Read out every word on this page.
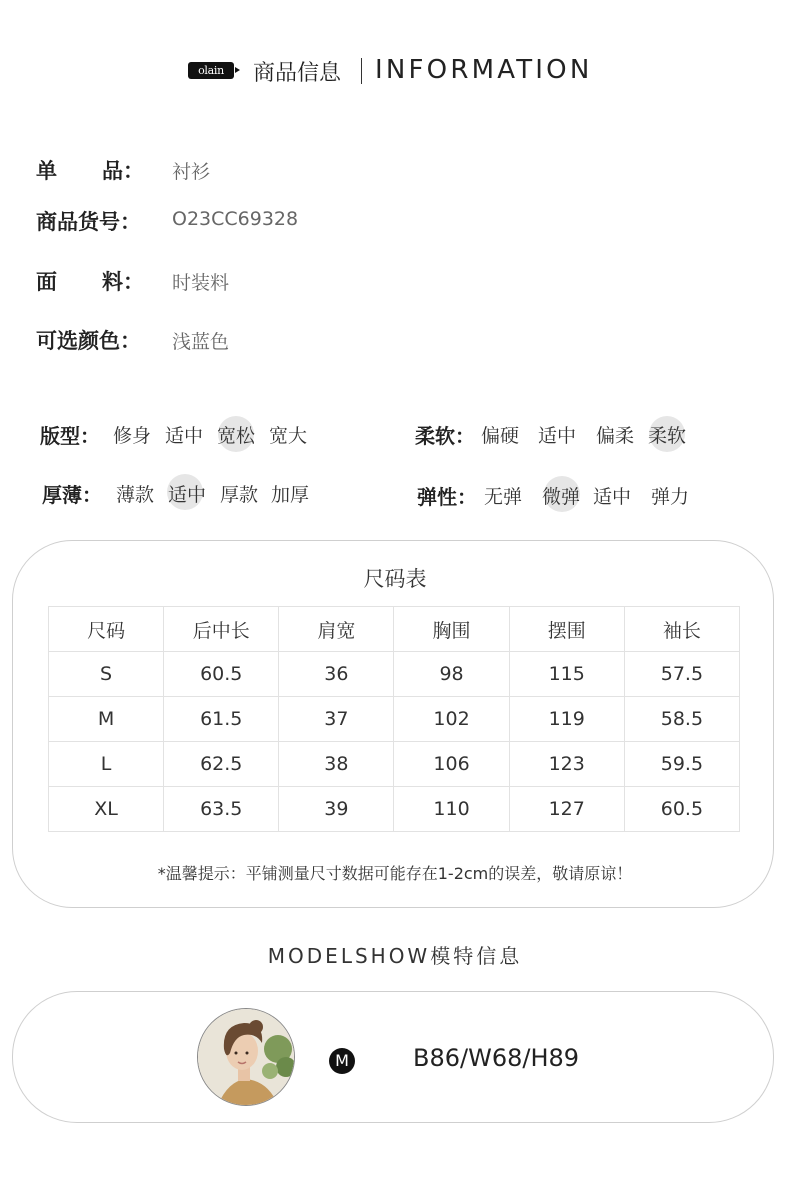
olain	商品信息 INFORMATION
单 品： 衬衫
商品货号： O23CC69328
面 料： 时装料
可选颜色： 浅蓝色
版型： 修身 适中 宽松 宽大	柔软： 偏硬 适中 偏柔 柔软
厚薄： 薄款 适中 厚款 加厚	弹性： 无弹 微弹 适中 弹力
尺码表
尺码	后中长	肩宽	胸围	摆围	袖长
S	60.5	36	98	115	57.5
M	61.5	37	102	119	58.5
L	62.5	38	106	123	59.5
XL	63.5	39	110	127	60.5
*温馨提示：平铺测量尺寸数据可能存在1-2cm的误差，敬请原谅！
MODELSHOW模特信息
M	B86/W68/H89
